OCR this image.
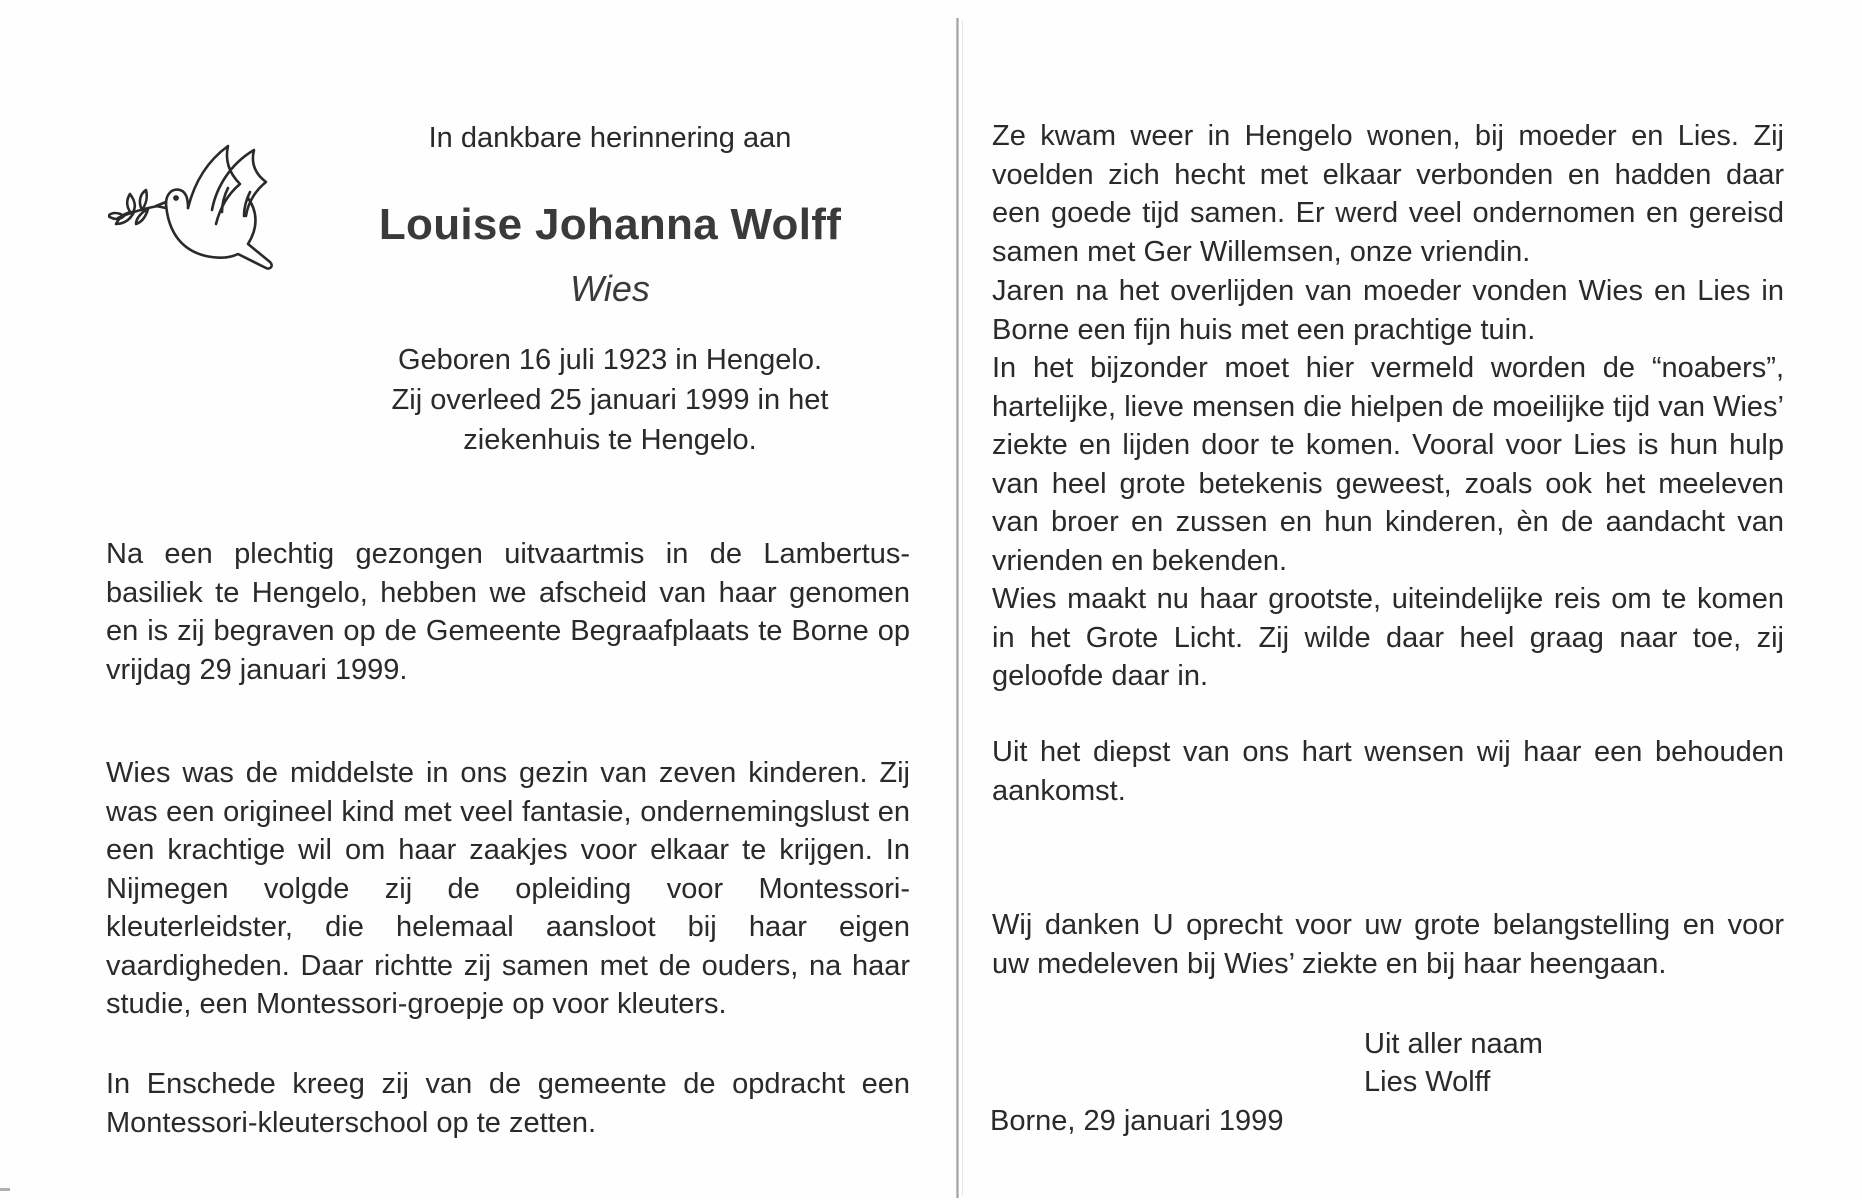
In dankbare herinnering aan
Louise Johanna Wolff
Wies
Geboren 16 juli 1923 in Hengelo.
Zij overleed 25 januari 1999 in het
ziekenhuis te Hengelo.

Na een plechtig gezongen uitvaartmis in de Lambertus-basiliek te Hengelo, hebben we afscheid van haar genomen en is zij begraven op de Gemeente Begraafplaats te Borne op vrijdag 29 januari 1999.

Wies was de middelste in ons gezin van zeven kinderen. Zij was een origineel kind met veel fantasie, ondernemingslust en een krachtige wil om haar zaakjes voor elkaar te krijgen. In Nijmegen volgde zij de opleiding voor Montessori-kleuterleidster, die helemaal aansloot bij haar eigen vaardigheden. Daar richtte zij samen met de ouders, na haar studie, een Montessori-groepje op voor kleuters.

In Enschede kreeg zij van de gemeente de opdracht een Montessori-kleuterschool op te zetten.

Ze kwam weer in Hengelo wonen, bij moeder en Lies. Zij voelden zich hecht met elkaar verbonden en hadden daar een goede tijd samen. Er werd veel ondernomen en gereisd samen met Ger Willemsen, onze vriendin.

Jaren na het overlijden van moeder vonden Wies en Lies in Borne een fijn huis met een prachtige tuin.

In het bijzonder moet hier vermeld worden de “noabers”, hartelijke, lieve mensen die hielpen de moeilijke tijd van Wies’ ziekte en lijden door te komen. Vooral voor Lies is hun hulp van heel grote betekenis geweest, zoals ook het meeleven van broer en zussen en hun kinderen, èn de aandacht van vrienden en bekenden.

Wies maakt nu haar grootste, uiteindelijke reis om te komen in het Grote Licht. Zij wilde daar heel graag naar toe, zij geloofde daar in.

Uit het diepst van ons hart wensen wij haar een behouden aankomst.

Wij danken U oprecht voor uw grote belangstelling en voor uw medeleven bij Wies’ ziekte en bij haar heengaan.

Uit aller naam

Lies Wolff

Borne, 29 januari 1999
